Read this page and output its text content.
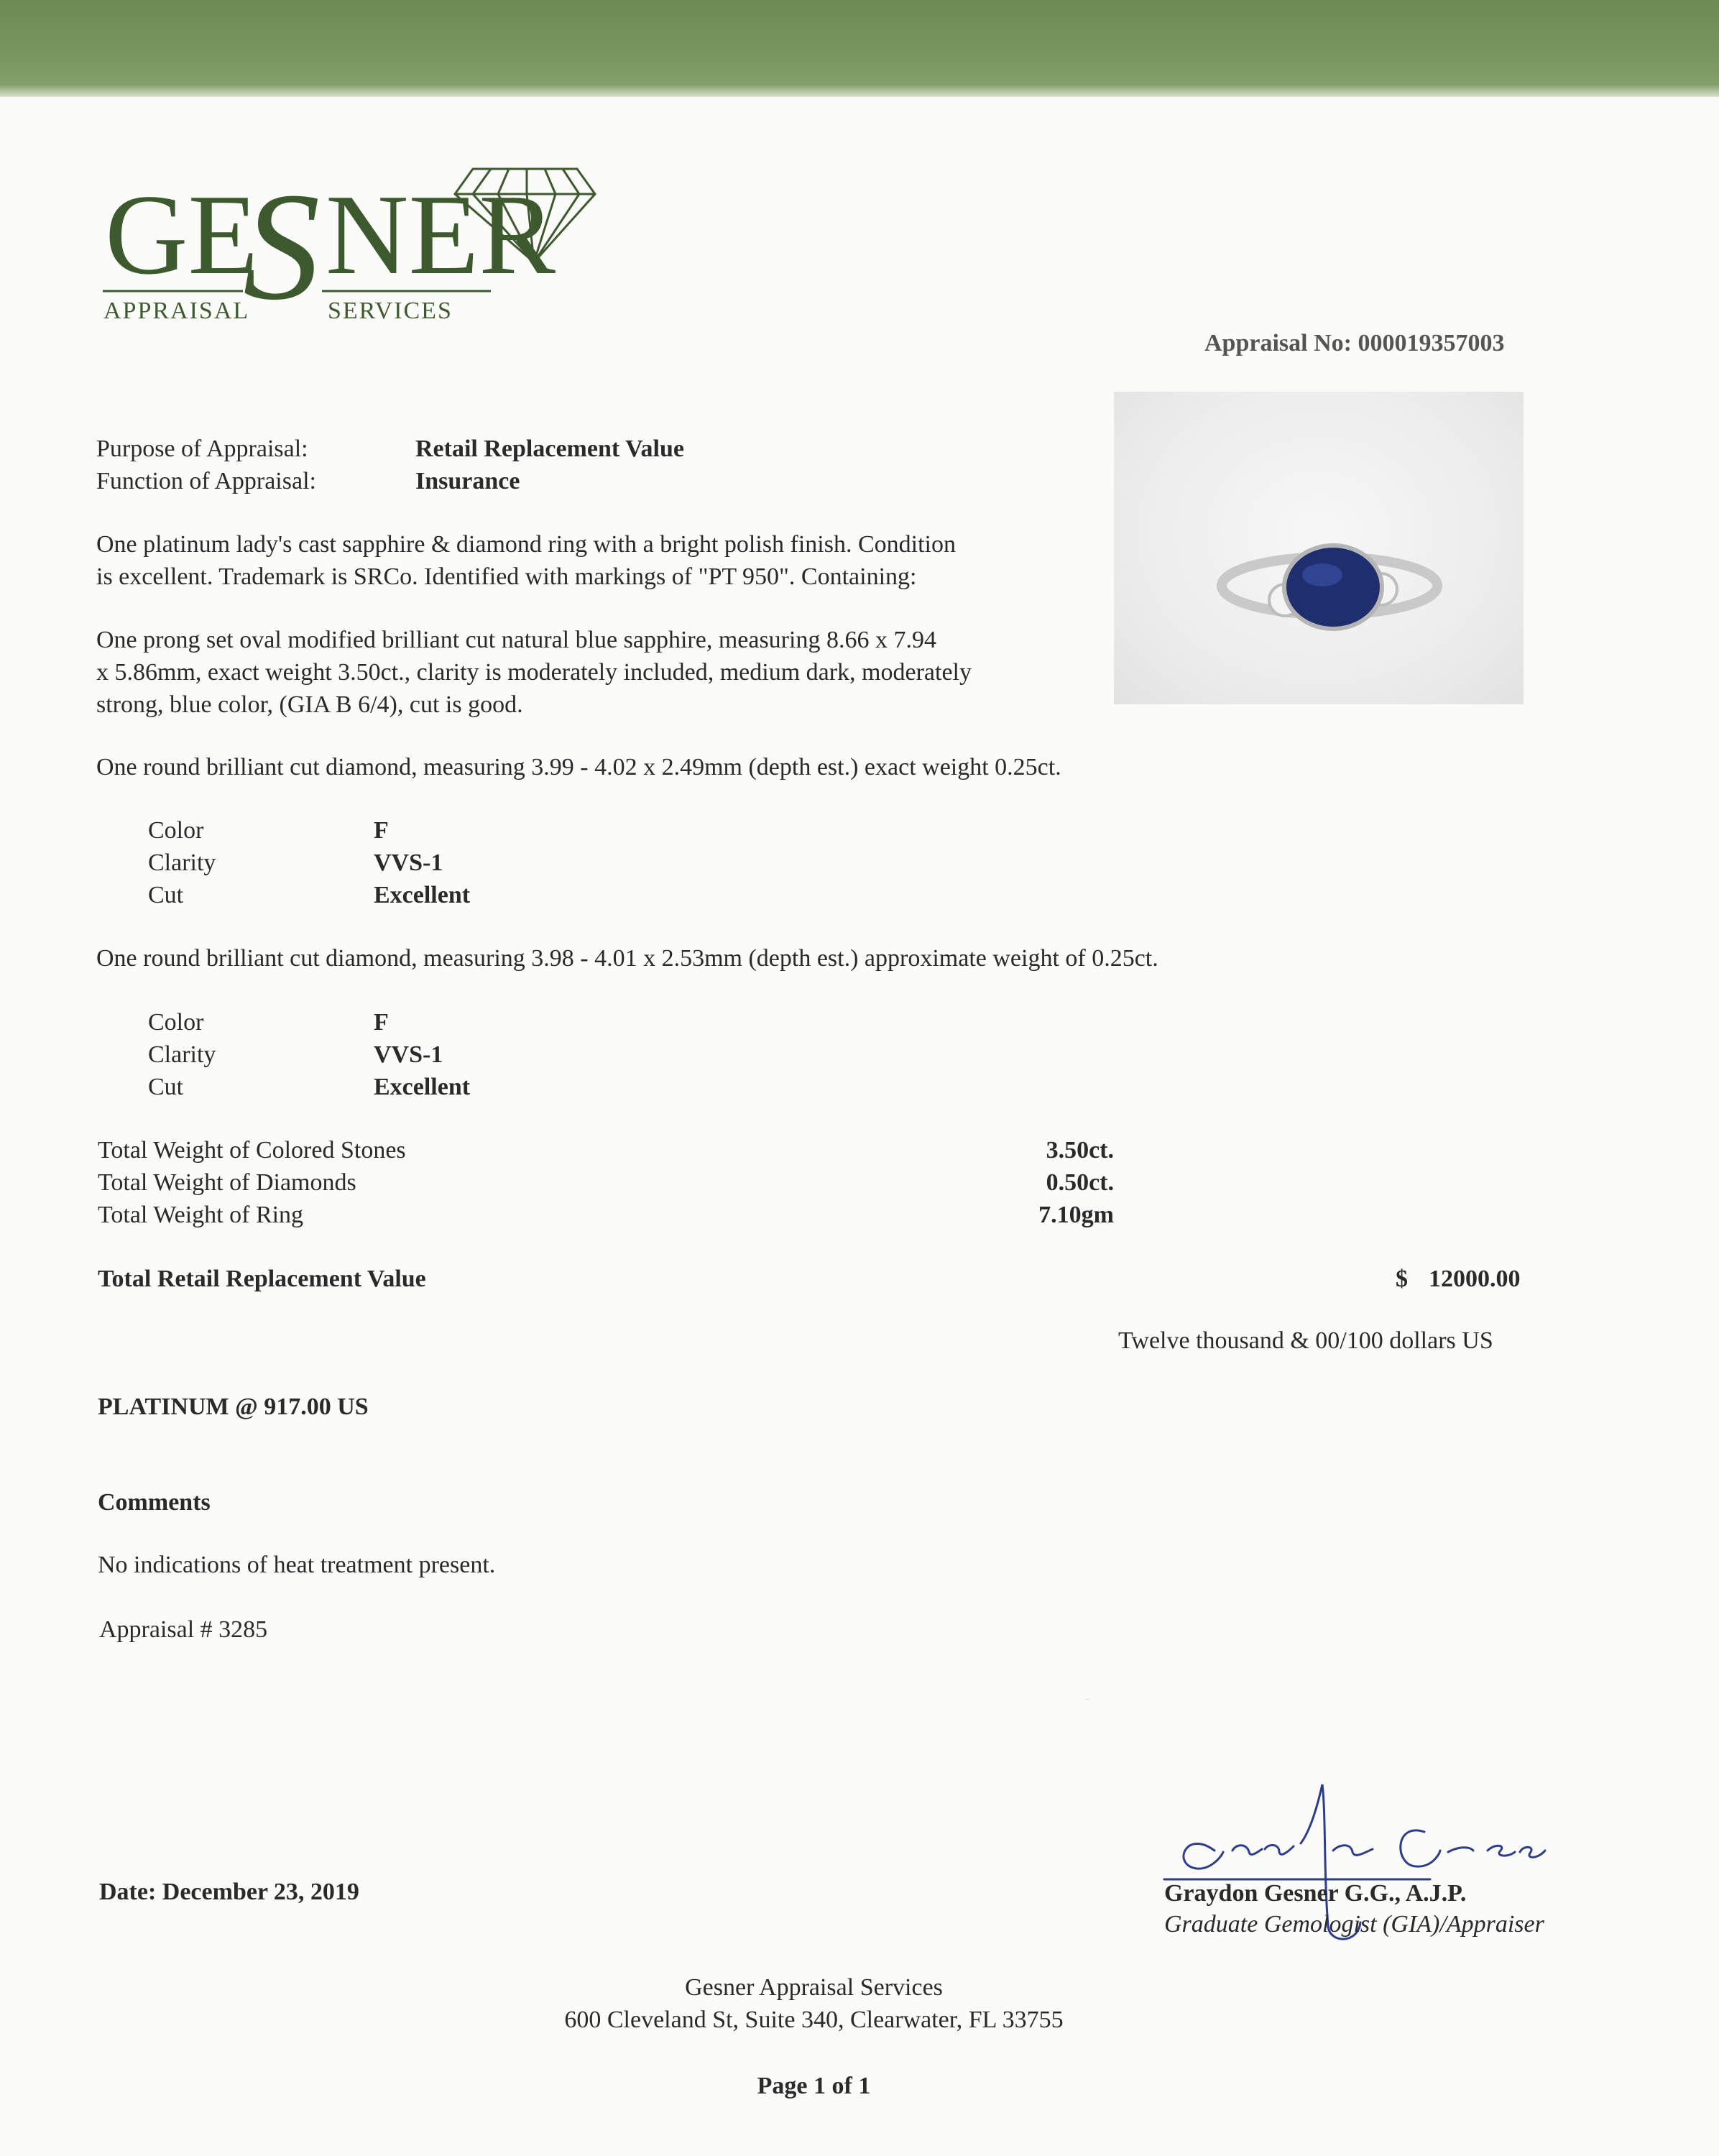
GE
S NER
APPRAISAL	SERVICES
Appraisal No: 000019357003
Purpose of Appraisal:	Retail Replacement Value
Function of Appraisal:	Insurance
One platinum lady's cast sapphire & diamond ring with a bright polish finish. Condition
is excellent. Trademark is SRCo. Identified with markings of "PT 950". Containing:
One prong set oval modified brilliant cut natural blue sapphire, measuring 8.66 x 7.94
x 5.86mm, exact weight 3.50ct., clarity is moderately included, medium dark, moderately
strong, blue color, (GIA B 6/4), cut is good.
One round brilliant cut diamond, measuring 3.99 - 4.02 x 2.49mm (depth est.) exact weight 0.25ct.
Color	F
Clarity	VVS-1
Cut	Excellent
One round brilliant cut diamond, measuring 3.98 - 4.01 x 2.53mm (depth est.) approximate weight of 0.25ct.
Color	F
Clarity	VVS-1
Cut	Excellent
Total Weight of Colored Stones	3.50ct.
Total Weight of Diamonds	0.50ct.
Total Weight of Ring	7.10gm
Total Retail Replacement Value	$ 12000.00
Twelve thousand & 00/100 dollars US
PLATINUM @ 917.00 US
Comments
No indications of heat treatment present.
Appraisal # 3285
Date: December 23, 2019
Graydon Gesner
Graydon Gesner G.G., A.J.P.
Graduate Gemologist (GIA)/Appraiser
Gesner Appraisal Services
600 Cleveland St, Suite 340, Clearwater, FL 33755
Page 1 of 1
